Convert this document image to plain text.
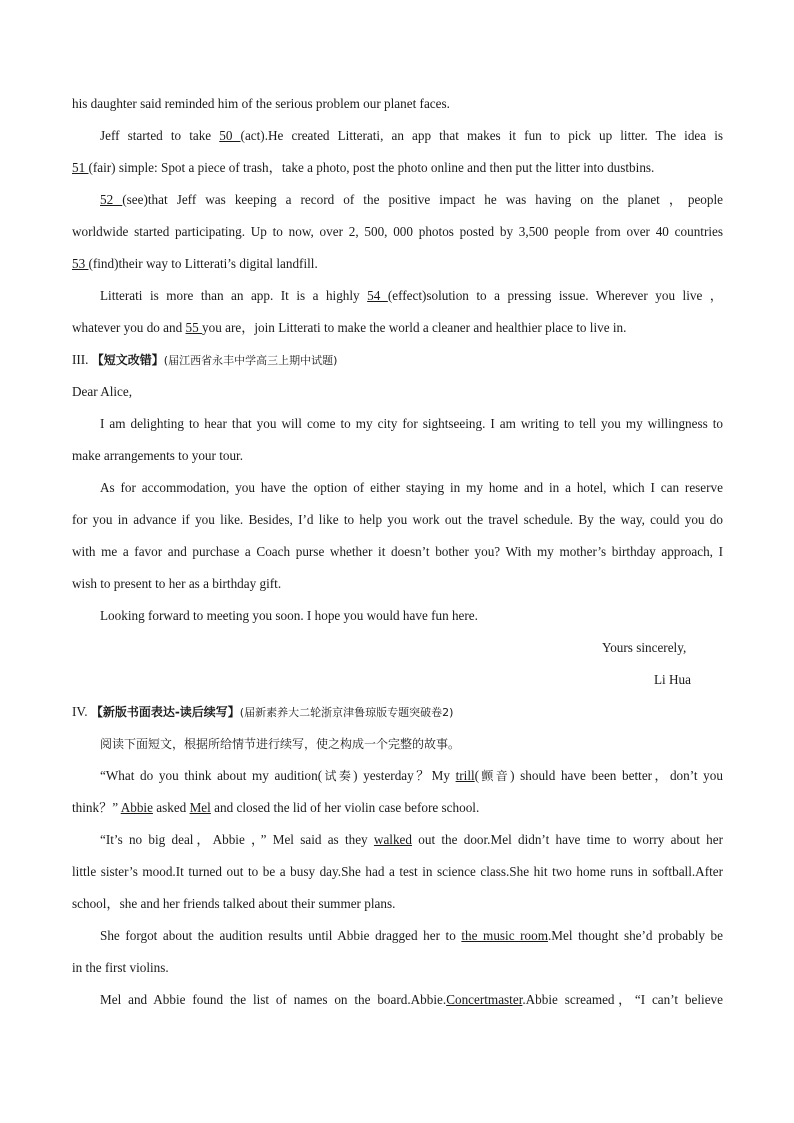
his daughter said reminded him of the serious problem our planet faces.
Jeff started to take 50 (act).He created Litterati, an app that makes it fun to pick up litter. The idea is
51 (fair) simple: Spot a piece of trash，take a photo, post the photo online and then put the litter into dustbins.
52 (see)that Jeff was keeping a record of the positive impact he was having on the planet ，people
worldwide started participating. Up to now, over 2, 500, 000 photos posted by 3,500 people from over 40 countries
53 (find)their way to Litterati’s digital landfill.
Litterati is more than an app. It is a highly 54 (effect)solution to a pressing issue. Wherever you live ，
whatever you do and 55 you are，join Litterati to make the world a cleaner and healthier place to live in.
III. 【短文改错】(届江西省永丰中学高三上期中试题)
Dear Alice,
I am delighting to hear that you will come to my city for sightseeing. I am writing to tell you my willingness to
make arrangements to your tour.
As for accommodation, you have the option of either staying in my home and in a hotel, which I can reserve
for you in advance if you like. Besides, I’d like to help you work out the travel schedule. By the way, could you do
with me a favor and purchase a Coach purse whether it doesn’t bother you? With my mother’s birthday approach, I
wish to present to her as a birthday gift.
Looking forward to meeting you soon. I hope you would have fun here.
Yours sincerely,
Li Hua
IV. 【新版书面表达-读后续写】(届新素养大二轮浙京津鲁琼版专题突破卷2)
阅读下面短文，根据所给情节进行续写，使之构成一个完整的故事。
“What do you think about my audition(试奏) yesterday？My trill(颤音) should have been better，don’t you
think？” Abbie asked Mel and closed the lid of her violin case before school.
“It’s no big deal，Abbie ，” Mel said as they walked out the door.Mel didn’t have time to worry about her
little sister’s mood.It turned out to be a busy day.She had a test in science class.She hit two home runs in softball.After
school，she and her friends talked about their summer plans.
She forgot about the audition results until Abbie dragged her to the music room.Mel thought she’d probably be
in the first violins.
Mel and Abbie found the list of names on the board.Abbie.Concertmaster.Abbie screamed，“I can’t believe
